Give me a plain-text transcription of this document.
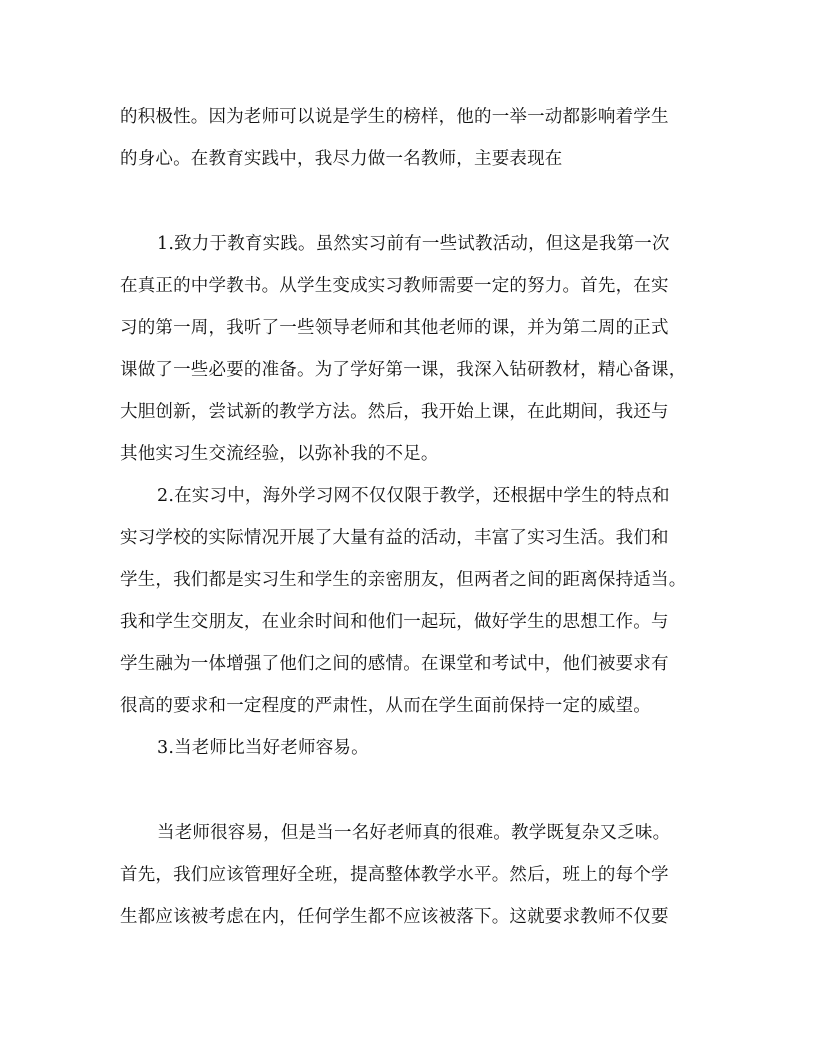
的积极性。因为老师可以说是学生的榜样，他的一举一动都影响着学生

的身心。在教育实践中，我尽力做一名教师，主要表现在

1.致力于教育实践。虽然实习前有一些试教活动，但这是我第一次

在真正的中学教书。从学生变成实习教师需要一定的努力。首先，在实

习的第一周，我听了一些领导老师和其他老师的课，并为第二周的正式

课做了一些必要的准备。为了学好第一课，我深入钻研教材，精心备课，

大胆创新，尝试新的教学方法。然后，我开始上课，在此期间，我还与

其他实习生交流经验，以弥补我的不足。

2.在实习中，海外学习网不仅仅限于教学，还根据中学生的特点和

实习学校的实际情况开展了大量有益的活动，丰富了实习生活。我们和

学生，我们都是实习生和学生的亲密朋友，但两者之间的距离保持适当。

我和学生交朋友，在业余时间和他们一起玩，做好学生的思想工作。与

学生融为一体增强了他们之间的感情。在课堂和考试中，他们被要求有

很高的要求和一定程度的严肃性，从而在学生面前保持一定的威望。

3.当老师比当好老师容易。

当老师很容易，但是当一名好老师真的很难。教学既复杂又乏味。

首先，我们应该管理好全班，提高整体教学水平。然后，班上的每个学

生都应该被考虑在内，任何学生都不应该被落下。这就要求教师不仅要
